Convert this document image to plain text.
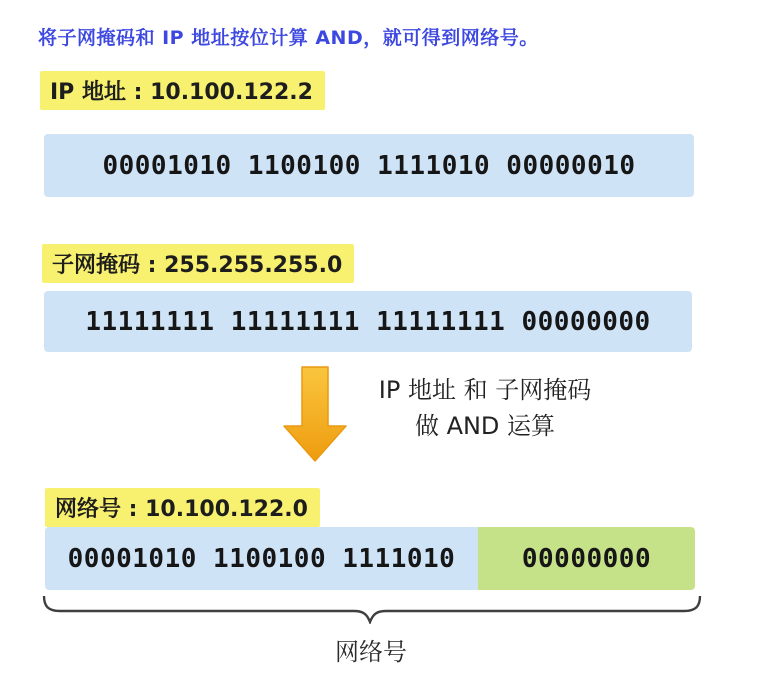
将子网掩码和 IP 地址按位计算 AND，就可得到网络号。
IP 地址 : 10.100.122.2
00001010 1100100 1111010 00000010
子网掩码 : 255.255.255.0
11111111 11111111 11111111 00000000
IP 地址 和 子网掩码
做 AND 运算
网络号 : 10.100.122.0
00001010 1100100 1111010	00000000
网络号
